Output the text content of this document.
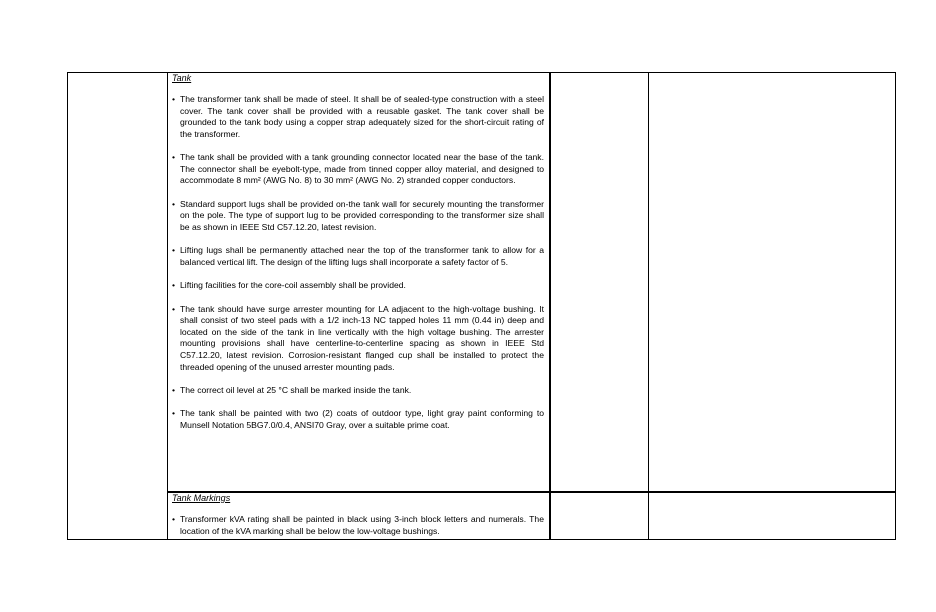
Tank
• The transformer tank shall be made of steel. It shall be of sealed-type construction with a steel cover. The tank cover shall be provided with a reusable gasket. The tank cover shall be grounded to the tank body using a copper strap adequately sized for the short-circuit rating of the transformer.
• The tank shall be provided with a tank grounding connector located near the base of the tank. The connector shall be eyebolt-type, made from tinned copper alloy material, and designed to accommodate 8 mm² (AWG No. 8) to 30 mm² (AWG No. 2) stranded copper conductors.
• Standard support lugs shall be provided on-the tank wall for securely mounting the transformer on the pole. The type of support lug to be provided corresponding to the transformer size shall be as shown in IEEE Std C57.12.20, latest revision.
• Lifting lugs shall be permanently attached near the top of the transformer tank to allow for a balanced vertical lift. The design of the lifting lugs shall incorporate a safety factor of 5.
• Lifting facilities for the core-coil assembly shall be provided.
• The tank should have surge arrester mounting for LA adjacent to the high-voltage bushing. It shall consist of two steel pads with a 1/2 inch-13 NC tapped holes 11 mm (0.44 in) deep and located on the side of the tank in line vertically with the high voltage bushing. The arrester mounting provisions shall have centerline-to-centerline spacing as shown in IEEE Std C57.12.20, latest revision. Corrosion-resistant flanged cup shall be installed to protect the threaded opening of the unused arrester mounting pads.
• The correct oil level at 25 °C shall be marked inside the tank.
• The tank shall be painted with two (2) coats of outdoor type, light gray paint conforming to Munsell Notation 5BG7.0/0.4, ANSI70 Gray, over a suitable prime coat.
Tank Markings
• Transformer kVA rating shall be painted in black using 3-inch block letters and numerals. The location of the kVA marking shall be below the low-voltage bushings.
